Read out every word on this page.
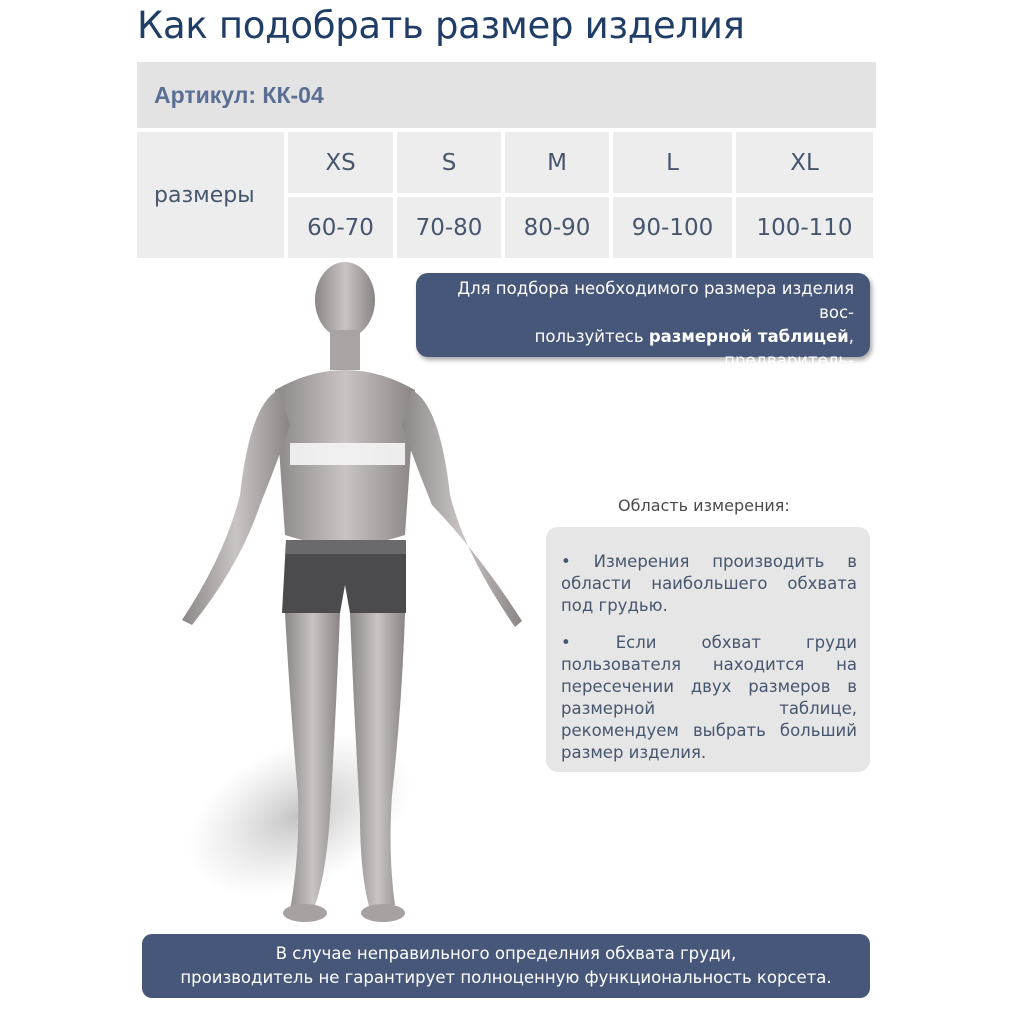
Как подобрать размер изделия
Артикул: КК-04
размеры
XS	S	M	L	XL
60-70	70-80	80-90	90-100	100-110
Для подбора необходимого размера изделия вос-
пользуйтесь размерной таблицей, предваритель-
но измерив/ уточнив все необходимые параметры
Область измерения:

• Измерения производить в области наибольшего обхвата под грудью.

• Если обхват груди пользователя находится на пересечении двух размеров в размерной таблице, рекомендуем выбрать больший размер изделия.

В случае неправильного определния обхвата груди,
производитель не гарантирует полноценную функциональность корсета.
